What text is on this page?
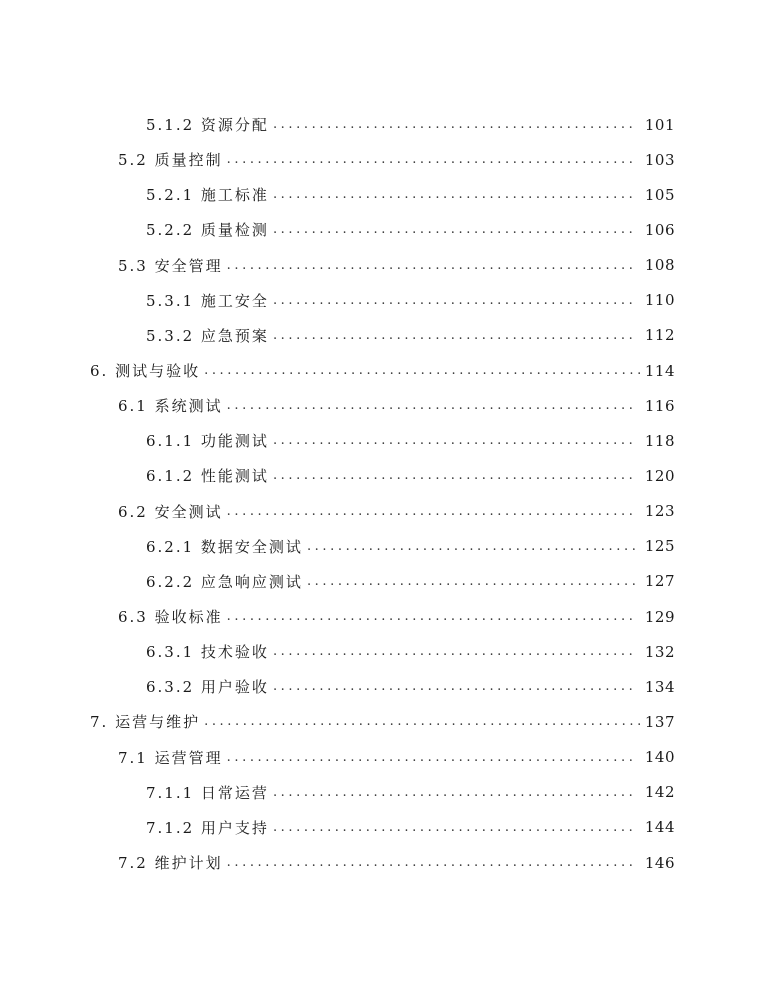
5.1.2 资源分配 .....	101
5.2 质量控制 .....	103
5.2.1 施工标准 .....	105
5.2.2 质量检测 .....	106
5.3 安全管理 .....	108
5.3.1 施工安全 .....	110
5.3.2 应急预案 .....	112
6. 测试与验收 .....	114
6.1 系统测试 .....	116
6.1.1 功能测试 .....	118
6.1.2 性能测试 .....	120
6.2 安全测试 .....	123
6.2.1 数据安全测试 .....	125
6.2.2 应急响应测试 .....	127
6.3 验收标准 .....	129
6.3.1 技术验收 .....	132
6.3.2 用户验收 .....	134
7. 运营与维护 .....	137
7.1 运营管理 .....	140
7.1.1 日常运营 .....	142
7.1.2 用户支持 .....	144
7.2 维护计划 .....	146
